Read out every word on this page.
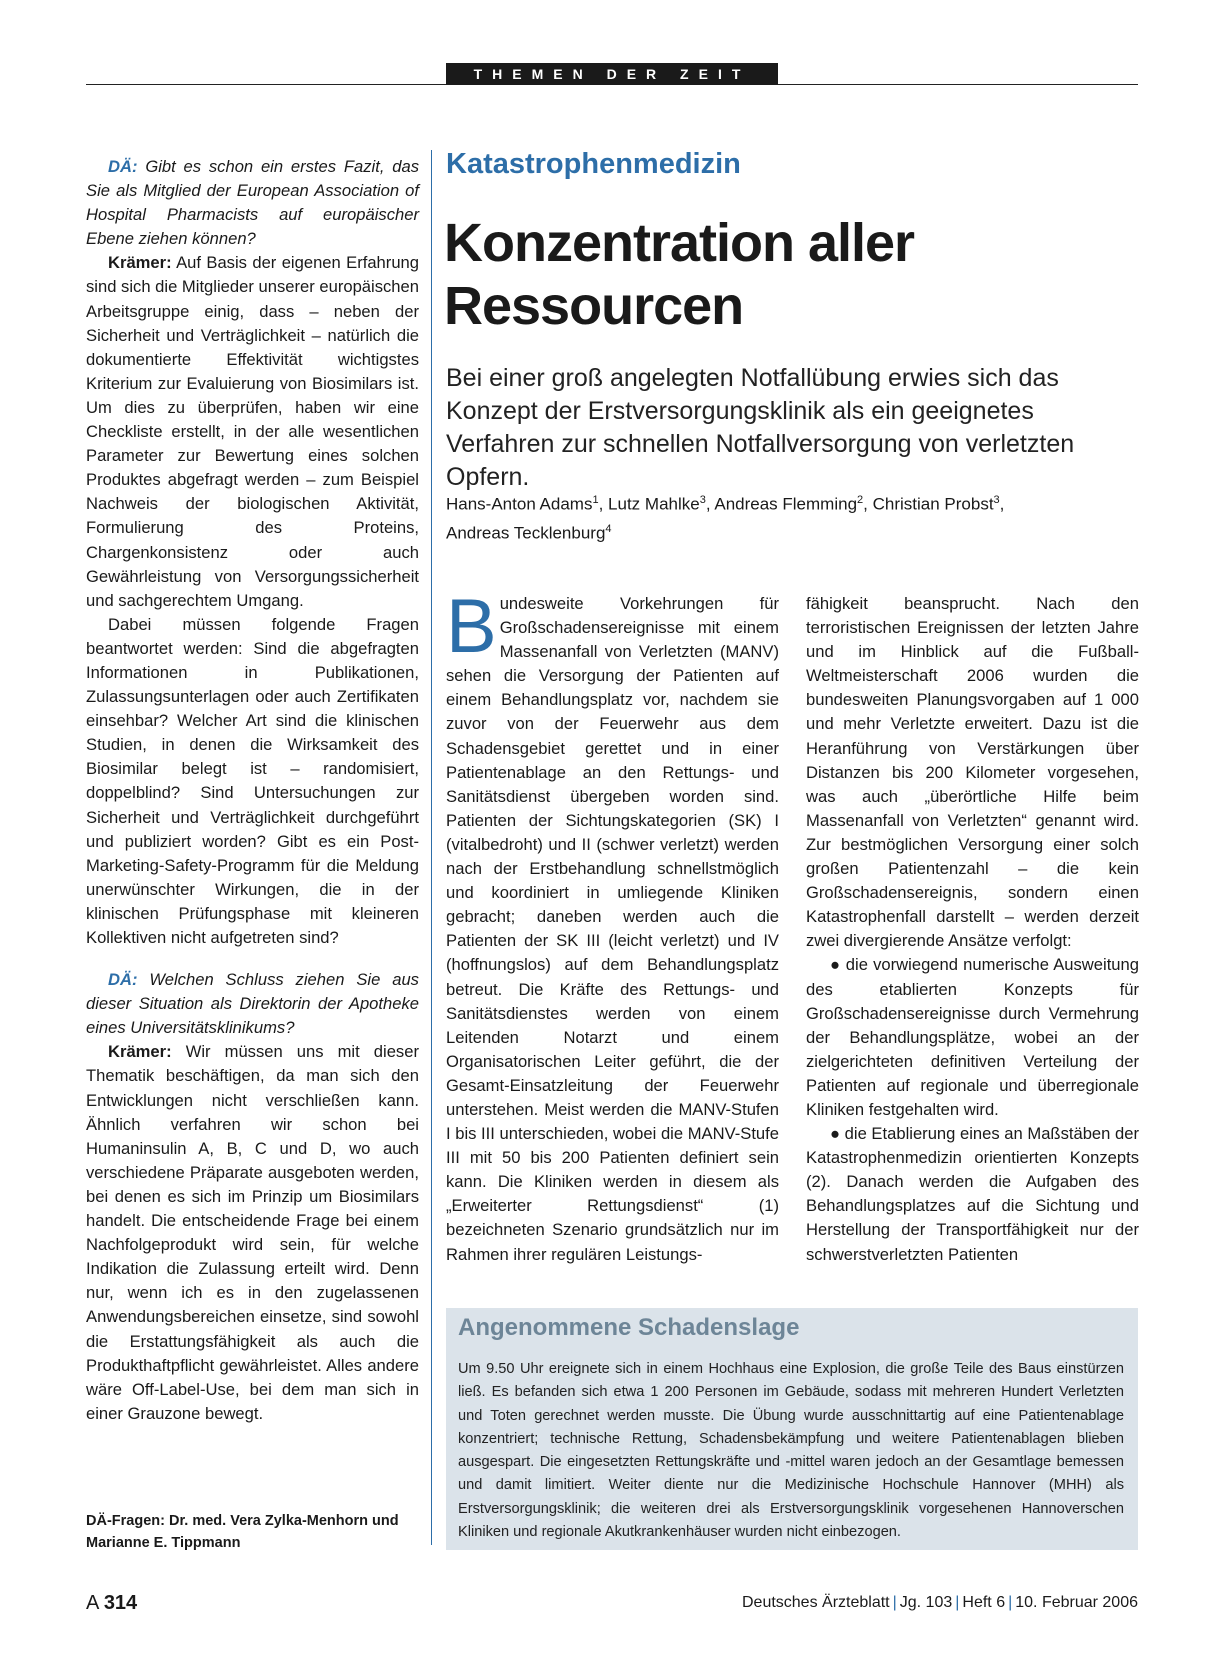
THEMEN DER ZEIT

DÄ: Gibt es schon ein erstes Fazit, das Sie als Mitglied der European Association of Hospital Pharmacists auf europäischer Ebene ziehen können?

Krämer: Auf Basis der eigenen Erfahrung sind sich die Mitglieder unserer europäischen Arbeitsgruppe einig, dass – neben der Sicherheit und Verträglichkeit – natürlich die dokumentierte Effektivität wichtigstes Kriterium zur Evaluierung von Biosimilars ist. Um dies zu überprüfen, haben wir eine Checkliste erstellt, in der alle wesentlichen Parameter zur Bewertung eines solchen Produktes abgefragt werden – zum Beispiel Nachweis der biologischen Aktivität, Formulierung des Proteins, Chargenkonsistenz oder auch Gewährleistung von Versorgungssicherheit und sachgerechtem Umgang.

Dabei müssen folgende Fragen beantwortet werden: Sind die abgefragten Informationen in Publikationen, Zulassungsunterlagen oder auch Zertifikaten einsehbar? Welcher Art sind die klinischen Studien, in denen die Wirksamkeit des Biosimilar belegt ist – randomisiert, doppelblind? Sind Untersuchungen zur Sicherheit und Verträglichkeit durchgeführt und publiziert worden? Gibt es ein Post-Marketing-Safety-Programm für die Meldung unerwünschter Wirkungen, die in der klinischen Prüfungsphase mit kleineren Kollektiven nicht aufgetreten sind?

DÄ: Welchen Schluss ziehen Sie aus dieser Situation als Direktorin der Apotheke eines Universitätsklinikums?

Krämer: Wir müssen uns mit dieser Thematik beschäftigen, da man sich den Entwicklungen nicht verschließen kann. Ähnlich verfahren wir schon bei Humaninsulin A, B, C und D, wo auch verschiedene Präparate ausgeboten werden, bei denen es sich im Prinzip um Biosimilars handelt. Die entscheidende Frage bei einem Nachfolgeprodukt wird sein, für welche Indikation die Zulassung erteilt wird. Denn nur, wenn ich es in den zugelassenen Anwendungsbereichen einsetze, sind sowohl die Erstattungsfähigkeit als auch die Produkthaftpflicht gewährleistet. Alles andere wäre Off-Label-Use, bei dem man sich in einer Grauzone bewegt.

DÄ-Fragen: Dr. med. Vera Zylka-Menhorn und
Marianne E. Tippmann
Katastrophenmedizin
Konzentration aller
Ressourcen

Bei einer groß angelegten Notfallübung erwies sich das Konzept der Erstversorgungsklinik als ein geeignetes Verfahren zur schnellen Notfallversorgung von verletzten Opfern.

Hans-Anton Adams$^1$, Lutz Mahlke$^3$, Andreas Flemming$^2$, Christian Probst$^3$,
Andreas Tecklenburg$^4$

Bundesweite Vorkehrungen für Großschadensereignisse mit einem Massenanfall von Verletzten (MANV) sehen die Versorgung der Patienten auf einem Behandlungsplatz vor, nachdem sie zuvor von der Feuerwehr aus dem Schadensgebiet gerettet und in einer Patientenablage an den Rettungs- und Sanitätsdienst übergeben worden sind. Patienten der Sichtungskategorien (SK) I (vitalbedroht) und II (schwer verletzt) werden nach der Erstbehandlung schnellstmöglich und koordiniert in umliegende Kliniken gebracht; daneben werden auch die Patienten der SK III (leicht verletzt) und IV (hoffnungslos) auf dem Behandlungsplatz betreut. Die Kräfte des Rettungs- und Sanitätsdienstes werden von einem Leitenden Notarzt und einem Organisatorischen Leiter geführt, die der Gesamt-Einsatzleitung der Feuerwehr unterstehen. Meist werden die MANV-Stufen I bis III unterschieden, wobei die MANV-Stufe III mit 50 bis 200 Patienten definiert sein kann. Die Kliniken werden in diesem als „Erweiterter Rettungsdienst“ (1) bezeichneten Szenario grundsätzlich nur im Rahmen ihrer regulären Leistungs-

fähigkeit beansprucht. Nach den terroristischen Ereignissen der letzten Jahre und im Hinblick auf die Fußball-Weltmeisterschaft 2006 wurden die bundesweiten Planungsvorgaben auf 1 000 und mehr Verletzte erweitert. Dazu ist die Heranführung von Verstärkungen über Distanzen bis 200 Kilometer vorgesehen, was auch „überörtliche Hilfe beim Massenanfall von Verletzten“ genannt wird. Zur bestmöglichen Versorgung einer solch großen Patientenzahl – die kein Großschadensereignis, sondern einen Katastrophenfall darstellt – werden derzeit zwei divergierende Ansätze verfolgt:

● die vorwiegend numerische Ausweitung des etablierten Konzepts für Großschadensereignisse durch Vermehrung der Behandlungsplätze, wobei an der zielgerichteten definitiven Verteilung der Patienten auf regionale und überregionale Kliniken festgehalten wird.

● die Etablierung eines an Maßstäben der Katastrophenmedizin orientierten Konzepts (2). Danach werden die Aufgaben des Behandlungsplatzes auf die Sichtung und Herstellung der Transportfähigkeit nur der schwerstverletzten Patienten

Angenommene Schadenslage

Um 9.50 Uhr ereignete sich in einem Hochhaus eine Explosion, die große Teile des Baus einstürzen ließ. Es befanden sich etwa 1 200 Personen im Gebäude, sodass mit mehreren Hundert Verletzten und Toten gerechnet werden musste. Die Übung wurde ausschnittartig auf eine Patientenablage konzentriert; technische Rettung, Schadensbekämpfung und weitere Patientenablagen blieben ausgespart. Die eingesetzten Rettungskräfte und -mittel waren jedoch an der Gesamtlage bemessen und damit limitiert. Weiter diente nur die Medizinische Hochschule Hannover (MHH) als Erstversorgungsklinik; die weiteren drei als Erstversorgungsklinik vorgesehenen Hannoverschen Kliniken und regionale Akutkrankenhäuser wurden nicht einbezogen.

A 314	Deutsches Ärzteblatt | Jg. 103 | Heft 6 | 10. Februar 2006
